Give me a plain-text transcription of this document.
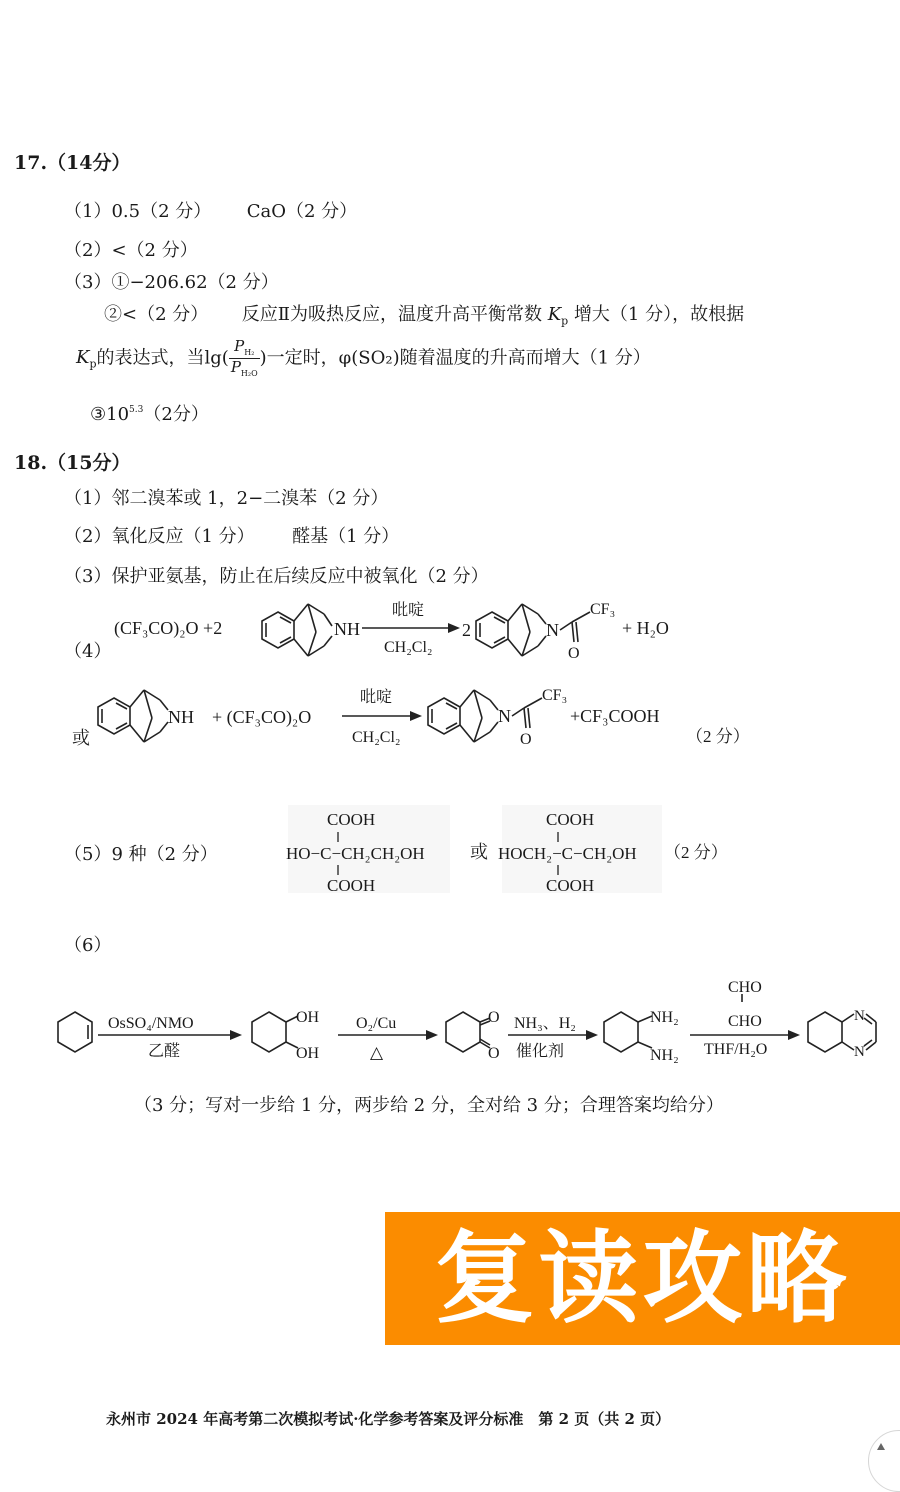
17.（14分）
（1）0.5（2 分） CaO（2 分）
（2）<（2 分）
（3）①−206.62（2 分）
②<（2 分） 反应Ⅱ为吸热反应，温度升高平衡常数 $K_p$ 增大（1 分），故根据
$K_p$的表达式，当$\lg( \frac{P_{H_2}}{P_{H_2O}}$ )一定时，φ(SO₂)随着温度的升高而增大（1 分）
$③10^{5.3}(2$分）
18.（15分）
（1）邻二溴苯或 1，2−二溴苯（2 分）
（2）氧化反应（1 分） 醛基（1 分）
（3）保护亚氨基，防止在后续反应中被氧化（2 分）
（4）
(CF₃CO)₂O +2	NH
吡啶
CH₂Cl₂
2	N
CF₃
O
+ H₂O
或
NH + (CF₃CO)₂O
吡啶
CH₂Cl₂
N
CF₃
O
+CF₃COOH
（2 分）
（5）9 种（2 分）
COOH
HO−C−CH₂CH₂OH
COOH
或
COOH
HOCH₂−C−CH₂OH
COOH
（2 分）
（6）
OsSO₄/NMO
乙醛
OH
OH
O₂/Cu
△
O
O
NH₃、H₂
催化剂
NH₂
NH₂
CHO
CHO
THF/H₂O
N
N
（3 分；写对一步给 1 分，两步给 2 分，全对给 3 分；合理答案均给分）
复读攻略
永州市 2024 年高考第二次模拟考试·化学参考答案及评分标准　第 2 页（共 2 页）
